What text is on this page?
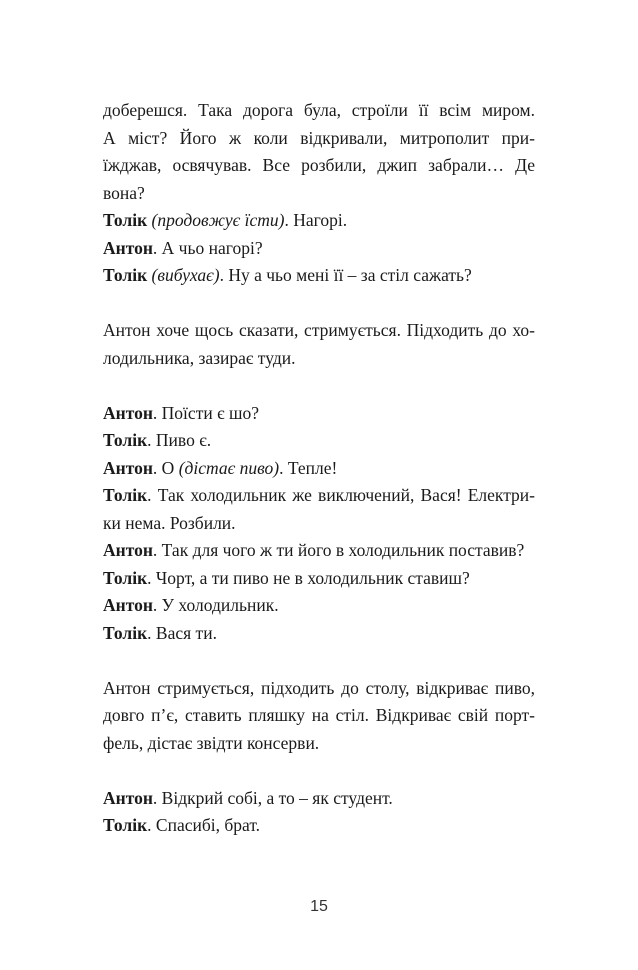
доберешся. Така дорога була, строїли її всім миром.
А міст? Його ж коли відкривали, митрополит при-
їжджав, освячував. Все розбили, джип забрали… Де
вона?
Толік (продовжує їсти). Нагорі.
Антон. А чьо нагорі?
Толік (вибухає). Ну а чьо мені її – за стіл сажать?
Антон хоче щось сказати, стримується. Підходить до хо-
лодильника, зазирає туди.
Антон. Поїсти є шо?
Толік. Пиво є.
Антон. О (дістає пиво). Тепле!
Толік. Так холодильник же виключений, Вася! Електри-
ки нема. Розбили.
Антон. Так для чого ж ти його в холодильник поставив?
Толік. Чорт, а ти пиво не в холодильник ставиш?
Антон. У холодильник.
Толік. Вася ти.
Антон стримується, підходить до столу, відкриває пиво,
довго п’є, ставить пляшку на стіл. Відкриває свій порт-
фель, дістає звідти консерви.
Антон. Відкрий собі, а то – як студент.
Толік. Спасибі, брат.
15
